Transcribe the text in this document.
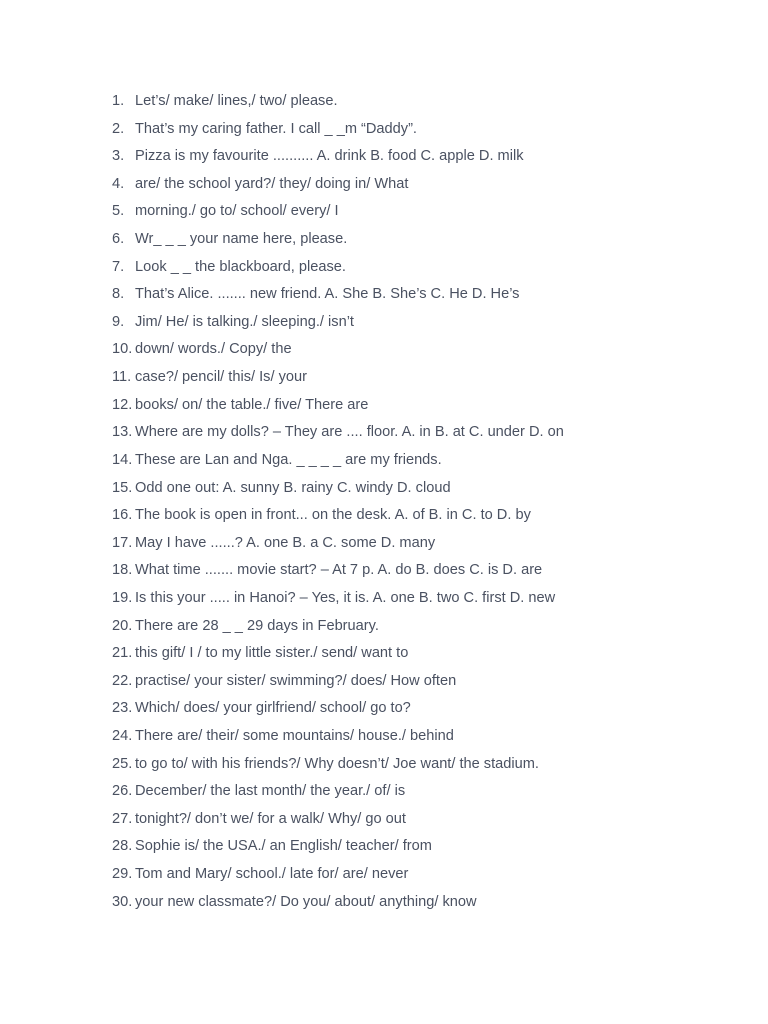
1. Let’s/ make/ lines,/ two/ please.
2. That’s my caring father. I call _ _m “Daddy”.
3. Pizza is my favourite .......... A. drink B. food C. apple D. milk
4. are/ the school yard?/ they/ doing in/ What
5. morning./ go to/ school/ every/ I
6. Wr_ _ _ your name here, please.
7. Look _ _ the blackboard, please.
8. That’s Alice. ....... new friend. A. She B. She’s C. He D. He’s
9. Jim/ He/ is talking./ sleeping./ isn’t
10. down/ words./ Copy/ the
11. case?/ pencil/ this/ Is/ your
12. books/ on/ the table./ five/ There are
13. Where are my dolls? – They are .... floor. A. in B. at C. under D. on
14. These are Lan and Nga. _ _ _ _ are my friends.
15. Odd one out: A. sunny B. rainy C. windy D. cloud
16. The book is open in front... on the desk. A. of B. in C. to D. by
17. May I have ......? A. one B. a C. some D. many
18. What time ....... movie start? – At 7 p. A. do B. does C. is D. are
19. Is this your ..... in Hanoi? – Yes, it is. A. one B. two C. first D. new
20. There are 28 _ _ 29 days in February.
21. this gift/ I / to my little sister./ send/ want to
22. practise/ your sister/ swimming?/ does/ How often
23. Which/ does/ your girlfriend/ school/ go to?
24. There are/ their/ some mountains/ house./ behind
25. to go to/ with his friends?/ Why doesn’t/ Joe want/ the stadium.
26. December/ the last month/ the year./ of/ is
27. tonight?/ don’t we/ for a walk/ Why/ go out
28. Sophie is/ the USA./ an English/ teacher/ from
29. Tom and Mary/ school./ late for/ are/ never
30. your new classmate?/ Do you/ about/ anything/ know
